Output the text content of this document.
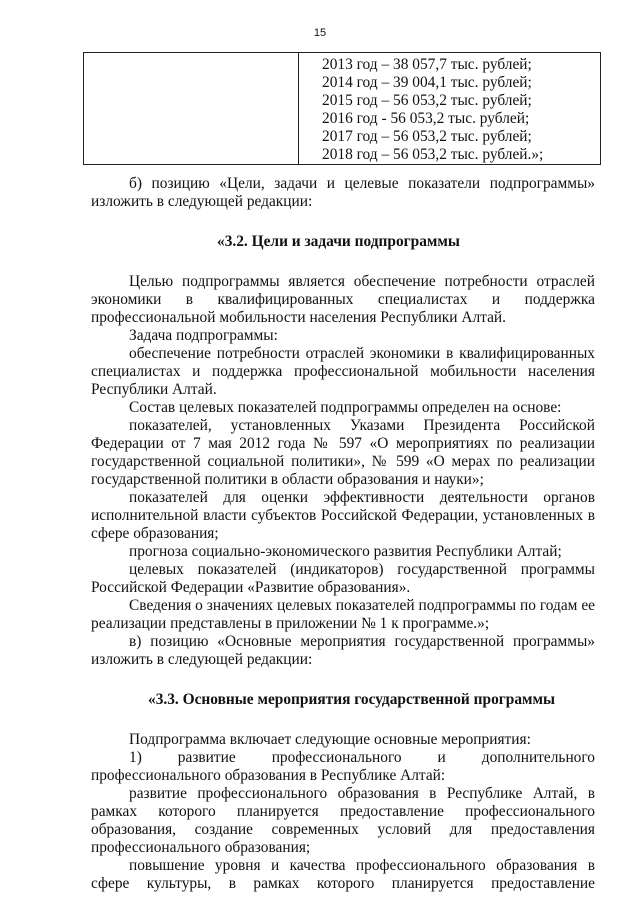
15

2013 год – 38 057,7 тыс. рублей;
2014 год – 39 004,1 тыс. рублей;
2015 год – 56 053,2 тыс. рублей;
2016 год - 56 053,2 тыс. рублей;
2017 год – 56 053,2 тыс. рублей;
2018 год – 56 053,2 тыс. рублей.»;

б) позицию «Цели, задачи и целевые показатели подпрограммы» изложить в следующей редакции:

«3.2. Цели и задачи подпрограммы

Целью подпрограммы является обеспечение потребности отраслей экономики в квалифицированных специалистах и поддержка профессиональной мобильности населения Республики Алтай.

Задача подпрограммы:

обеспечение потребности отраслей экономики в квалифицированных специалистах и поддержка профессиональной мобильности населения Республики Алтай.

Состав целевых показателей подпрограммы определен на основе:

показателей, установленных Указами Президента Российской Федерации от 7 мая 2012 года № 597 «О мероприятиях по реализации государственной социальной политики», № 599 «О мерах по реализации государственной политики в области образования и науки»;

показателей для оценки эффективности деятельности органов исполнительной власти субъектов Российской Федерации, установленных в сфере образования;

прогноза социально-экономического развития Республики Алтай;

целевых показателей (индикаторов) государственной программы Российской Федерации «Развитие образования».

Сведения о значениях целевых показателей подпрограммы по годам ее реализации представлены в приложении № 1 к программе.»;

в) позицию «Основные мероприятия государственной программы» изложить в следующей редакции:

«3.3. Основные мероприятия государственной программы

Подпрограмма включает следующие основные мероприятия:

1) развитие профессионального и дополнительного профессионального образования в Республике Алтай:

развитие профессионального образования в Республике Алтай, в рамках которого планируется предоставление профессионального образования, создание современных условий для предоставления профессионального образования;

повышение уровня и качества профессионального образования в сфере культуры, в рамках которого планируется предоставление
